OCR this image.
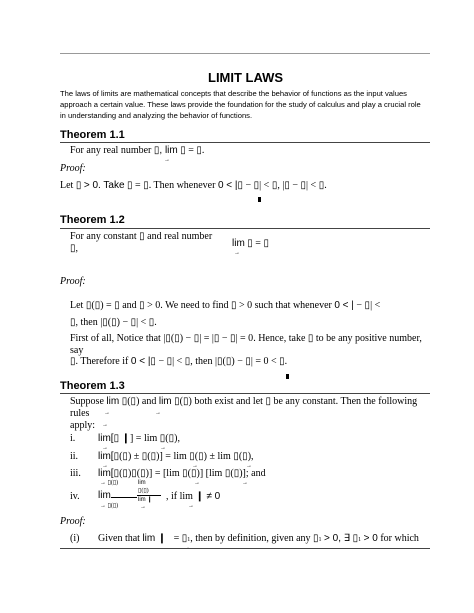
LIMIT LAWS
The laws of limits are mathematical concepts that describe the behavior of functions as the input values
approach a certain value. These laws provide the foundation for the study of calculus and play a crucial role
in understanding and analyzing the behavior of functions.
Theorem 1.1
For any real number ▯, lim ▯ = ▯.
→
Proof:
Let ▯ > 0. Take ▯ = ▯. Then whenever 0 < |▯ − ▯| < ▯, |▯ − ▯| < ▯.
Theorem 1.2
For any constant ▯ and real number
▯,	lim ▯ = ▯
→
Proof:
Let ▯(▯) = ▯ and ▯ > 0. We need to find ▯ > 0 such that whenever 0 < | − ▯| <
▯, then |▯(▯) − ▯| < ▯.
First of all, Notice that |▯(▯) − ▯| = |▯ − ▯| = 0. Hence, take ▯ to be any positive number,
say
▯. Therefore if 0 < |▯ − ▯| < ▯, then |▯(▯) − ▯| = 0 < ▯.
Theorem 1.3
Suppose lim ▯(▯) and lim ▯(▯) both exist and let ▯ be any constant. Then the following
rules →	→
apply: →
i. lim[▯ ❙] = lim ▯(▯),
→	→
ii. lim[▯(▯) ± ▯(▯)] = lim ▯(▯) ± lim ▯(▯),
→	→	→
iii. lim[▯(▯)▯(▯)] = [lim ▯(▯)] [lim ▯(▯)]; and
→ ▯(▯)	→	→
iv. lim
lim
▯(▯)
lim ❙
→ ▯(▯)	→
, if lim ❙ ≠ 0
→
Proof:
(i) Given that lim ❙ = ▯1, then by definition, given any ▯1 > 0, ∃ ▯1 > 0 for which
→
